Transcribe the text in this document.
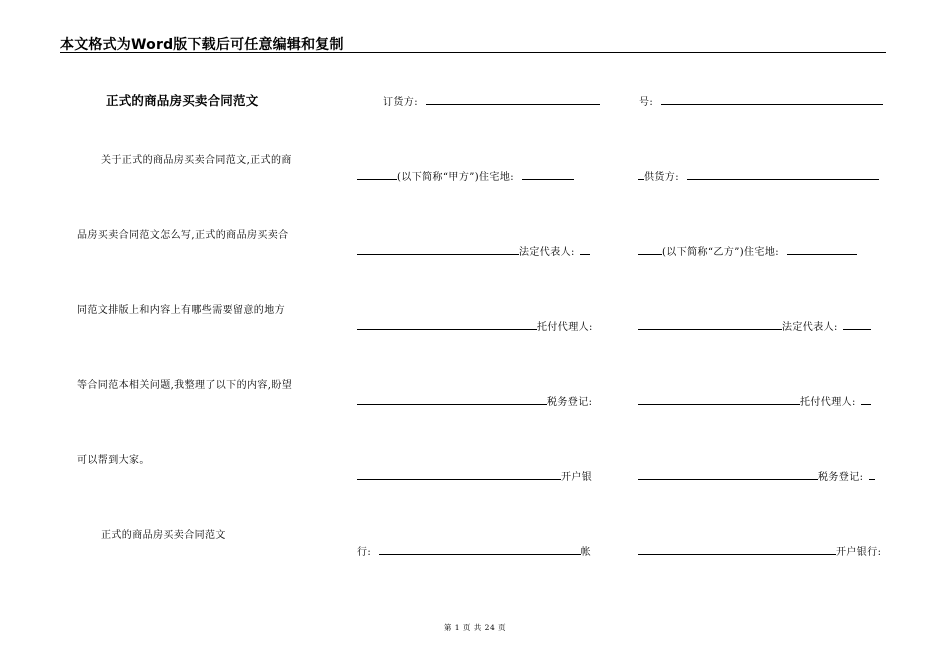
本文格式为Word版下载后可任意编辑和复制
正式的商品房买卖合同范文
关于正式的商品房买卖合同范文,正式的商
品房买卖合同范文怎么写,正式的商品房买卖合
同范文排版上和内容上有哪些需要留意的地方
等合同范本相关问题,我整理了以下的内容,盼望
可以帮到大家。
正式的商品房买卖合同范文
订货方:
(以下简称“甲方”)住宅地:
法定代表人:
托付代理人:
税务登记:
开户银
行:	帐
号:
供货方:
(以下简称“乙方”)住宅地:
法定代表人:
托付代理人:
税务登记:
开户银行:
第 1 页 共 24 页
